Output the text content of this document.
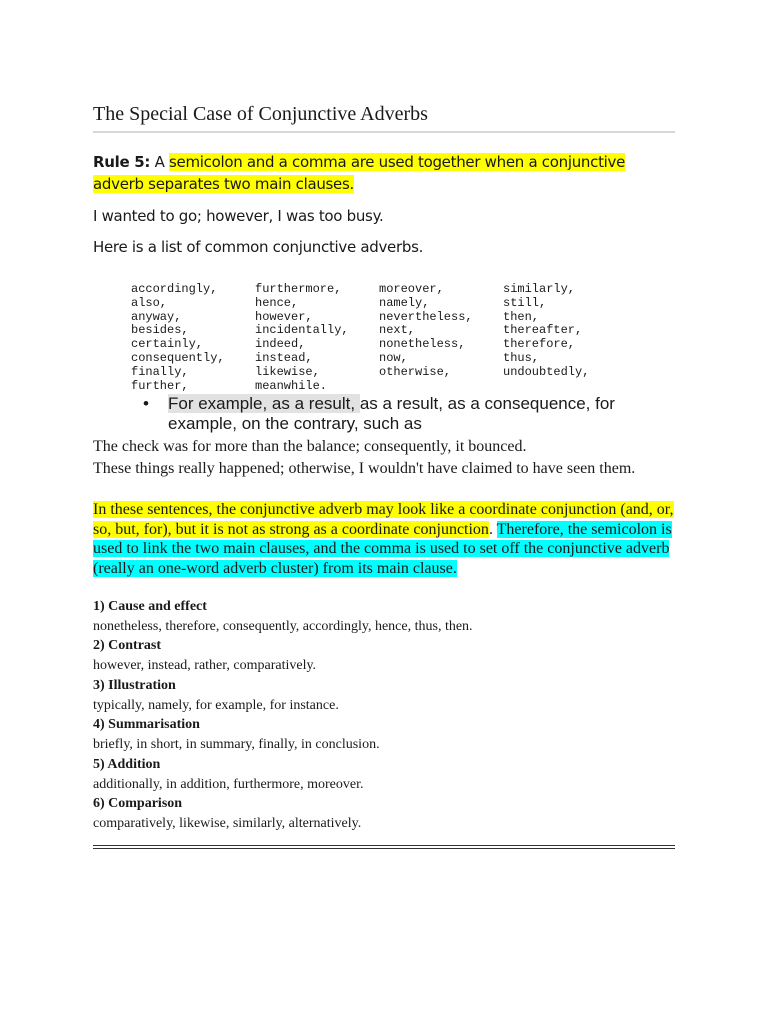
The Special Case of Conjunctive Adverbs
Rule 5: A semicolon and a comma are used together when a conjunctive adverb separates two main clauses.
I wanted to go; however, I was too busy.
Here is a list of common conjunctive adverbs.
accordingly,	furthermore,	moreover,	similarly,
also,	hence,	namely,	still,
anyway,	however,	nevertheless,	then,
besides,	incidentally,	next,	thereafter,
certainly,	indeed,	nonetheless,	therefore,
consequently,	instead,	now,	thus,
finally,	likewise,	otherwise,	undoubtedly,
further,	meanwhile.		
• For example, as a result, as a result, as a consequence, for example, on the contrary, such as
The check was for more than the balance; consequently, it bounced.
These things really happened; otherwise, I wouldn't have claimed to have seen them.
In these sentences, the conjunctive adverb may look like a coordinate conjunction (and, or, so, but, for), but it is not as strong as a coordinate conjunction. Therefore, the semicolon is used to link the two main clauses, and the comma is used to set off the conjunctive adverb (really an one-word adverb cluster) from its main clause.
1) Cause and effect
nonetheless, therefore, consequently, accordingly, hence, thus, then.
2) Contrast
however, instead, rather, comparatively.
3) Illustration
typically, namely, for example, for instance.
4) Summarisation
briefly, in short, in summary, finally, in conclusion.
5) Addition
additionally, in addition, furthermore, moreover.
6) Comparison
comparatively, likewise, similarly, alternatively.
